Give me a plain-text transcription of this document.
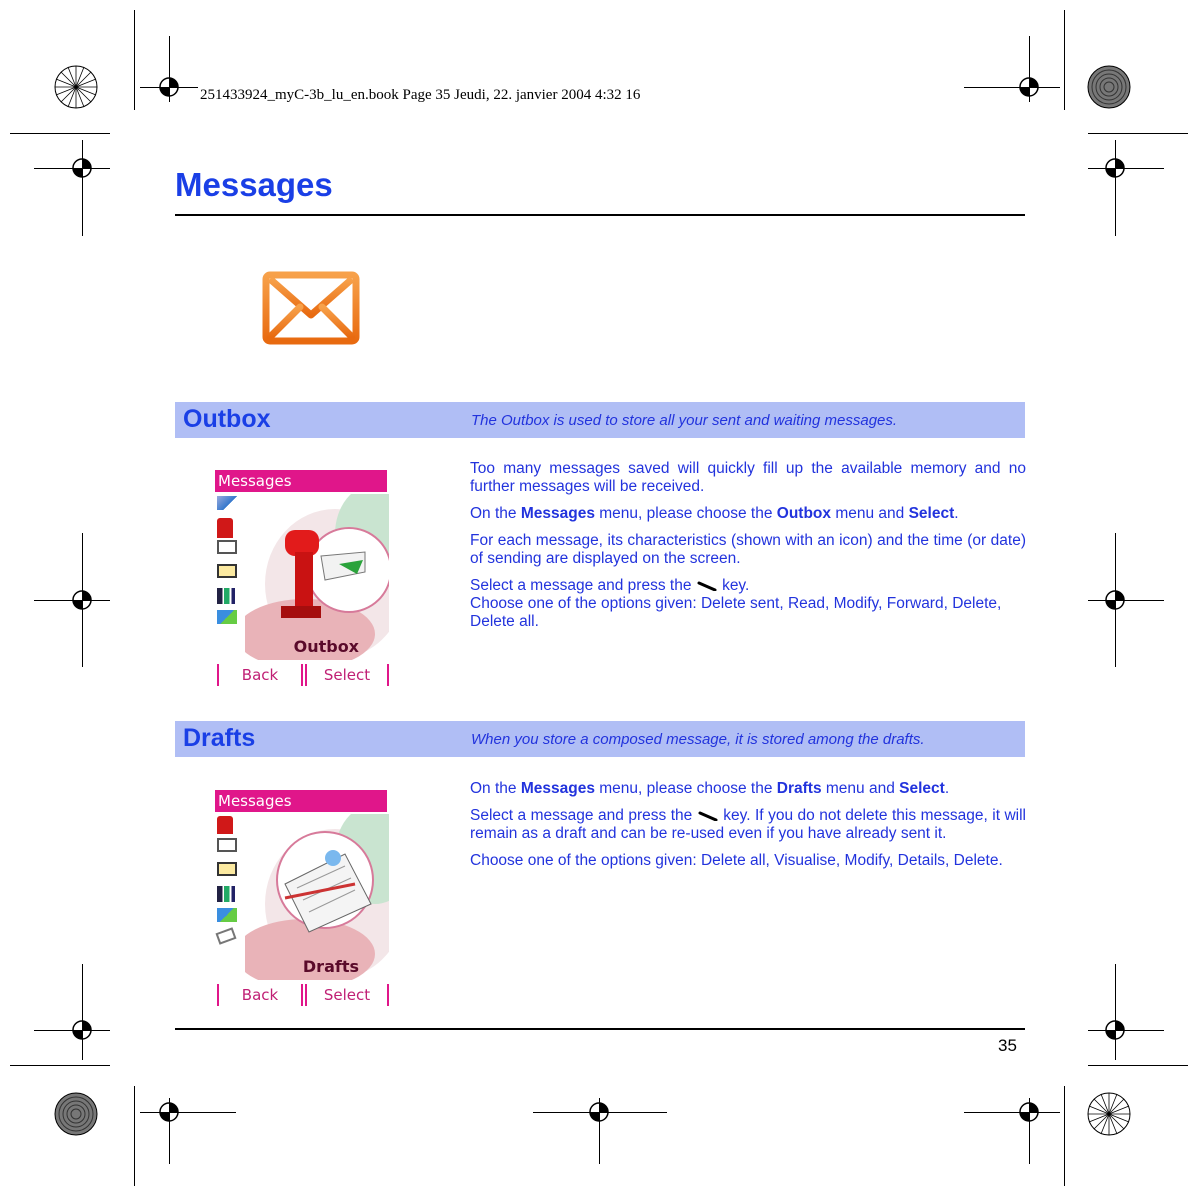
251433924_myC-3b_lu_en.book Page 35 Jeudi, 22. janvier 2004 4:32 16
Messages
Outbox	The Outbox is used to store all your sent and waiting messages.
Messages
Outbox
Back	Select

Too many messages saved will quickly fill up the available memory and no further messages will be received.

On the Messages menu, please choose the Outbox menu and Select.

For each message, its characteristics (shown with an icon) and the time (or date) of sending are displayed on the screen.

Select a message and press the key.
Choose one of the options given: Delete sent, Read, Modify, Forward, Delete, Delete all.

Drafts	When you store a composed message, it is stored among the drafts.
Messages
Drafts
Back	Select

On the Messages menu, please choose the Drafts menu and Select.

Select a message and press the key. If you do not delete this message, it will remain as a draft and can be re-used even if you have already sent it.

Choose one of the options given: Delete all, Visualise, Modify, Details, Delete.

35
